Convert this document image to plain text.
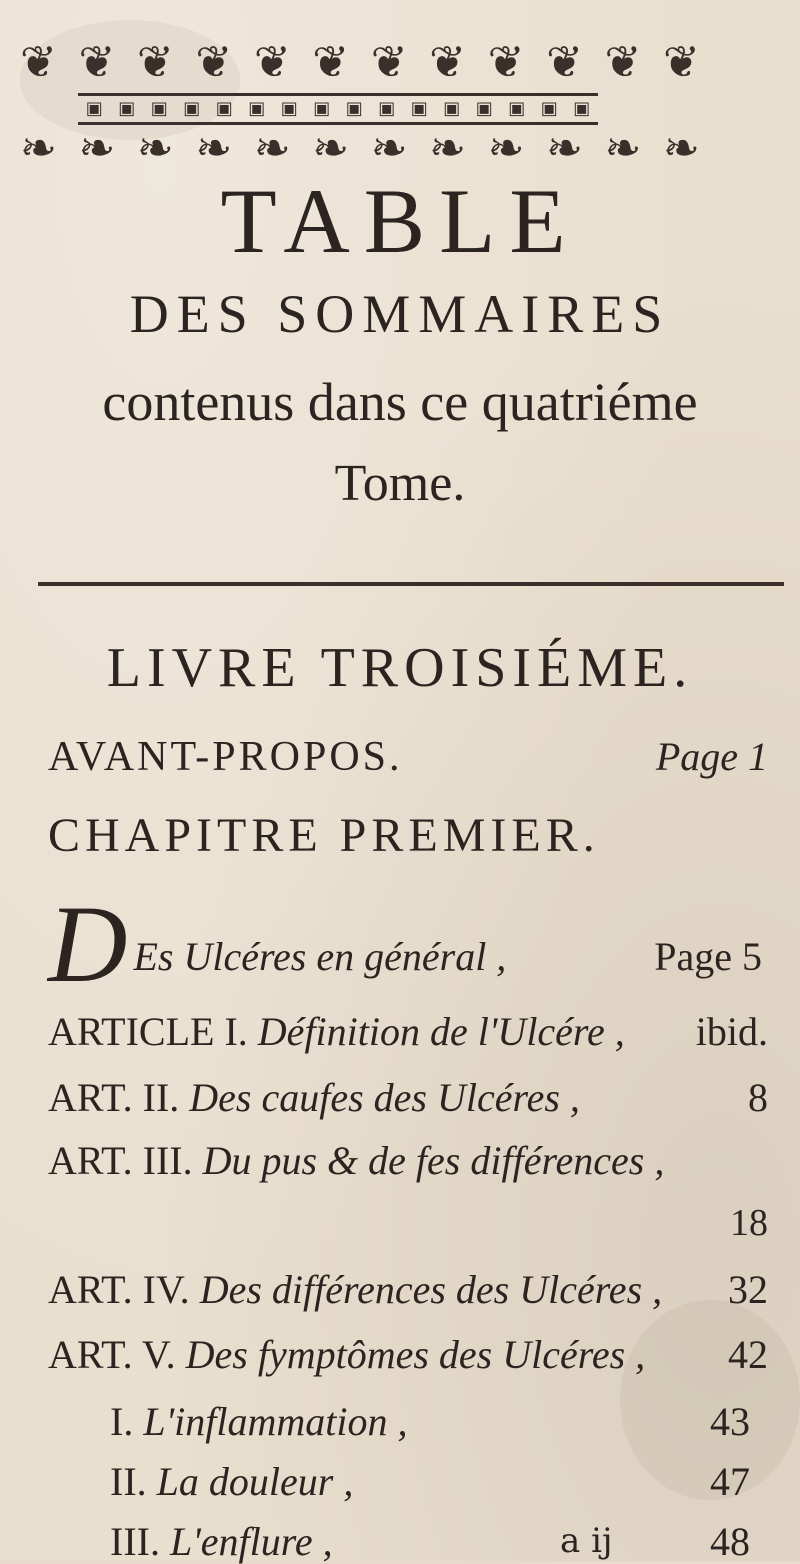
❦ ❦ ❦ ❦ ❦ ❦ ❦ ❦ ❦ ❦ ❦ ❦
▣ ▣ ▣ ▣ ▣ ▣ ▣ ▣ ▣ ▣ ▣ ▣ ▣ ▣ ▣ ▣
❧ ❧ ❧ ❧ ❧ ❧ ❧ ❧ ❧ ❧ ❧ ❧
TABLE
DES SOMMAIRES
contenus dans ce quatriéme
Tome.
LIVRE TROISIÉME.
AVANT-PROPOS.	Page 1
CHAPITRE PREMIER.
D Es Ulcéres en général ,	Page 5
ARTICLE I. Définition de l'Ulcére , ibid.
ART. II. Des caufes des Ulcéres ,	8
ART. III. Du pus & de fes différences ,
18
ART. IV. Des différences des Ulcéres , 32
ART. V. Des fymptômes des Ulcéres , 42
I. L'inflammation ,	43
II. La douleur ,	47
III. L'enflure ,	48
a ij
